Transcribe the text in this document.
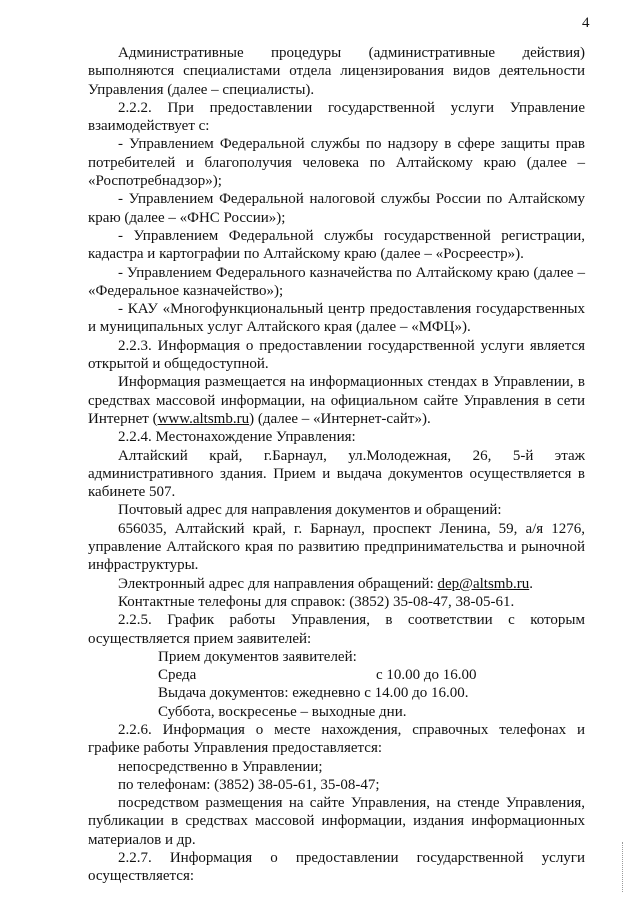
4

Административные процедуры (административные действия) выполняются специалистами отдела лицензирования видов деятельности Управления (далее – специалисты).

2.2.2. При предоставлении государственной услуги Управление взаимодействует с:

- Управлением Федеральной службы по надзору в сфере защиты прав потребителей и благополучия человека по Алтайскому краю (далее – «Роспотребнадзор»);

- Управлением Федеральной налоговой службы России по Алтайскому краю (далее – «ФНС России»);

- Управлением Федеральной службы государственной регистрации, кадастра и картографии по Алтайскому краю (далее – «Росреестр»).

- Управлением Федерального казначейства по Алтайскому краю (далее – «Федеральное казначейство»);

- КАУ «Многофункциональный центр предоставления государственных и муниципальных услуг Алтайского края (далее – «МФЦ»).

2.2.3. Информация о предоставлении государственной услуги является открытой и общедоступной.

Информация размещается на информационных стендах в Управлении, в средствах массовой информации, на официальном сайте Управления в сети Интернет (www.altsmb.ru) (далее – «Интернет-сайт»).

2.2.4. Местонахождение Управления:

Алтайский край, г.Барнаул, ул.Молодежная, 26, 5-й этаж административного здания. Прием и выдача документов осуществляется в кабинете 507.

Почтовый адрес для направления документов и обращений:

656035, Алтайский край, г. Барнаул, проспект Ленина, 59, а/я 1276, управление Алтайского края по развитию предпринимательства и рыночной инфраструктуры.

Электронный адрес для направления обращений: dep@altsmb.ru.

Контактные телефоны для справок: (3852) 35-08-47, 38-05-61.

2.2.5. График работы Управления, в соответствии с которым осуществляется прием заявителей:

Прием документов заявителей:
Среда	с 10.00 до 16.00
Выдача документов: ежедневно с 14.00 до 16.00.
Суббота, воскресенье – выходные дни.

2.2.6. Информация о месте нахождения, справочных телефонах и графике работы Управления предоставляется:

непосредственно в Управлении;

по телефонам: (3852) 38-05-61, 35-08-47;

посредством размещения на сайте Управления, на стенде Управления, публикации в средствах массовой информации, издания информационных материалов и др.

2.2.7. Информация о предоставлении государственной услуги осуществляется:
